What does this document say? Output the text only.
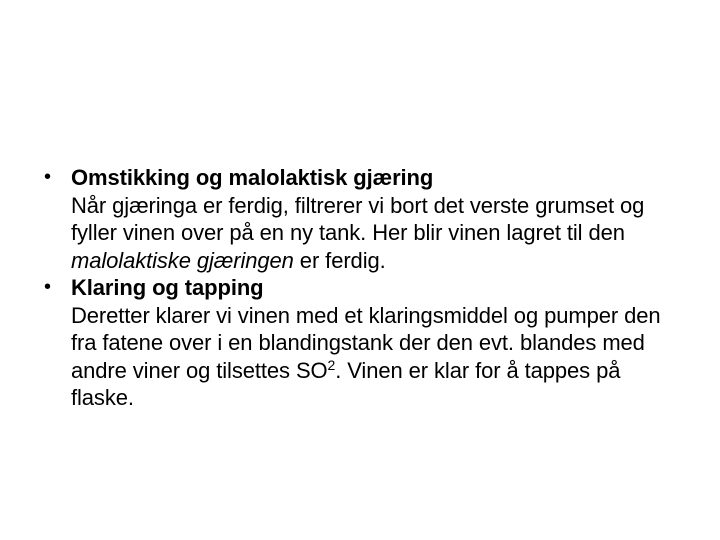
• Omstikking og malolaktisk gjæring
Når gjæringa er ferdig, filtrerer vi bort det verste grumset og fyller vinen over på en ny tank. Her blir vinen lagret til den malolaktiske gjæringen er ferdig.
• Klaring og tapping
Deretter klarer vi vinen med et klaringsmiddel og pumper den fra fatene over i en blandingstank der den evt. blandes med andre viner og tilsettes $SO^2$. Vinen er klar for å tappes på flaske.
